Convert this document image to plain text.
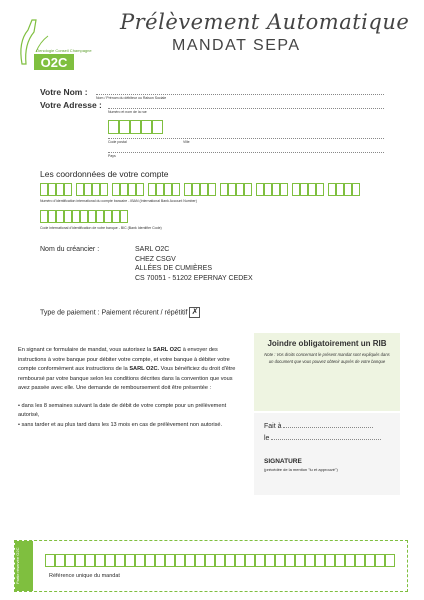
Oenologie Conseil Champagne
O2C
Prélèvement Automatique
MANDAT SEPA
Votre Nom :
Nom / Prénom du débiteur ou Raison Sociale
Votre Adresse :
Numéro et nom de la rue
Code postal	Ville
Pays
Les coordonnées de votre compte
Numéro d'identification international du compte bancaire - IBAN (International Bank Account Number)
Code international d'identification de votre banque - BIC (Bank Identifier Code)
Nom du créancier :	SARL O2C
CHEZ CSGV
ALLÉES DE CUMIÈRES
CS 70051 - 51202 EPERNAY CEDEX
Type de paiement : Paiement récurent / répétitif ✗
En signant ce formulaire de mandat, vous autorisez la SARL O2C à envoyer des instructions à votre banque pour débiter votre compte, et votre banque à débiter votre compte conformément aux instructions de la SARL O2C. Vous bénéficiez du droit d'être remboursé par votre banque selon les conditions décrites dans la convention que vous avez passée avec elle. Une demande de remboursement doit être présentée :
• dans les 8 semaines suivant la date de débit de votre compte pour un prélèvement autorisé,
• sans tarder et au plus tard dans les 13 mois en cas de prélèvement non autorisé.
Joindre obligatoirement un RIB
Note : Vos droits concernant le présent mandat sont expliqués dans un document que vous pouvez obtenir auprès de votre banque
Fait à
le
SIGNATURE
(précédée de la mention "lu et approuvé")
Partie réservée O2C	Référence unique du mandat
